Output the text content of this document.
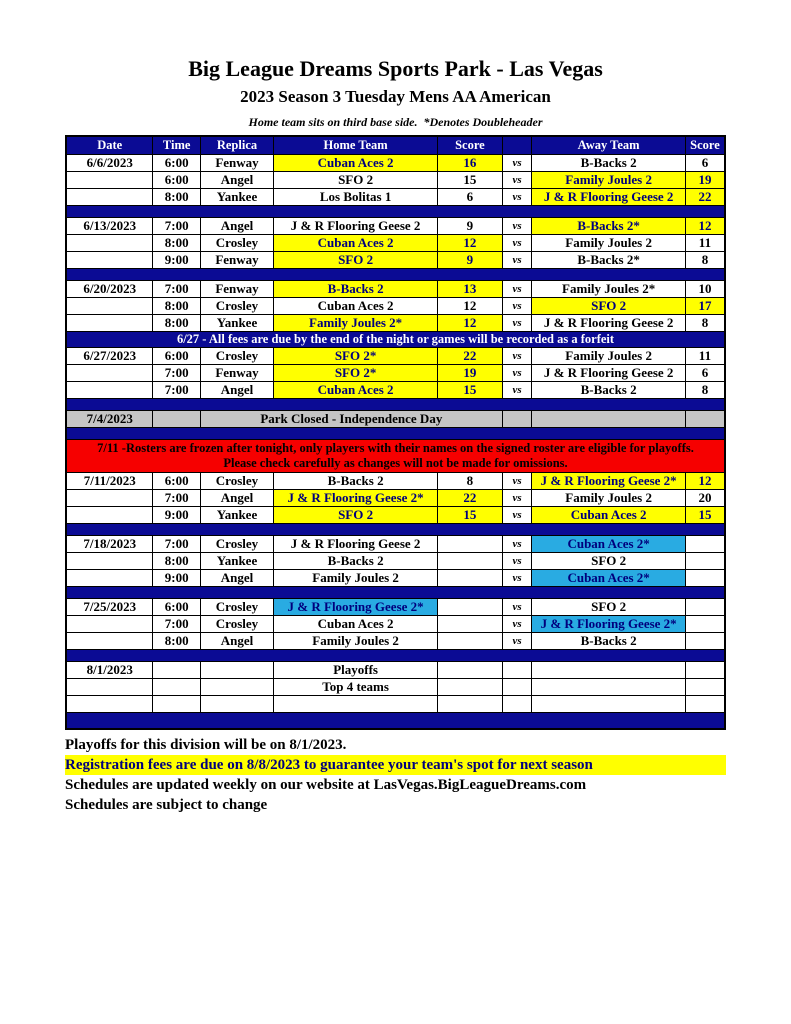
Big League Dreams Sports Park - Las Vegas
2023 Season 3 Tuesday Mens AA American
Home team sits on third base side.  *Denotes Doubleheader
Date	Time	Replica	Home Team	Score		Away Team	Score
6/6/2023	6:00	Fenway	Cuban Aces 2	16	vs	B-Backs 2	6
	6:00	Angel	SFO 2	15	vs	Family Joules 2	19
	8:00	Yankee	Los Bolitas 1	6	vs	J & R Flooring Geese 2	22

6/13/2023	7:00	Angel	J & R Flooring Geese 2	9	vs	B-Backs 2*	12
	8:00	Crosley	Cuban Aces 2	12	vs	Family Joules 2	11
	9:00	Fenway	SFO 2	9	vs	B-Backs 2*	8

6/20/2023	7:00	Fenway	B-Backs 2	13	vs	Family Joules 2*	10
	8:00	Crosley	Cuban Aces 2	12	vs	SFO 2	17
	8:00	Yankee	Family Joules 2*	12	vs	J & R Flooring Geese 2	8
6/27 - All fees are due by the end of the night or games will be recorded as a forfeit							
6/27/2023	6:00	Crosley	SFO 2*	22	vs	Family Joules 2	11
	7:00	Fenway	SFO 2*	19	vs	J & R Flooring Geese 2	6
	7:00	Angel	Cuban Aces 2	15	vs	B-Backs 2	8

7/4/2023		Park Closed - Independence Day					

7/11 -Rosters are frozen after tonight, only players with their names on the signed roster are eligible for playoffs.
Please check carefully as changes will not be made for omissions.							

7/11/2023	6:00	Crosley	B-Backs 2	8	vs	J & R Flooring Geese 2*	12
	7:00	Angel	J & R Flooring Geese 2*	22	vs	Family Joules 2	20
	9:00	Yankee	SFO 2	15	vs	Cuban Aces 2	15

7/18/2023	7:00	Crosley	J & R Flooring Geese 2		vs	Cuban Aces 2*	
	8:00	Yankee	B-Backs 2		vs	SFO 2	
	9:00	Angel	Family Joules 2		vs	Cuban Aces 2*	

7/25/2023	6:00	Crosley	J & R Flooring Geese 2*		vs	SFO 2	
	7:00	Crosley	Cuban Aces 2		vs	J & R Flooring Geese 2*	
	8:00	Angel	Family Joules 2		vs	B-Backs 2	

8/1/2023			Playoffs				
			Top 4 teams				

Playoffs for this division will be on 8/1/2023.
Registration fees are due on 8/8/2023 to guarantee your team's spot for next season
Schedules are updated weekly on our website at LasVegas.BigLeagueDreams.com
Schedules are subject to change
